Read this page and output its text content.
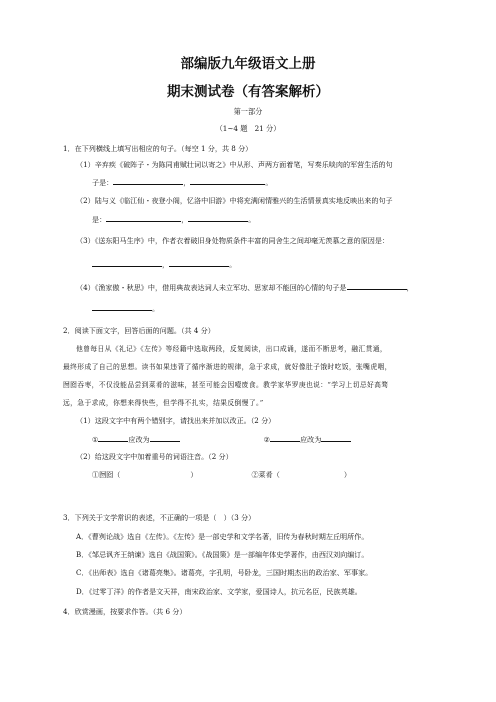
部编版九年级语文上册
期末测试卷（有答案解析）
第一部分
（1~4 题　21 分）
1．在下列横线上填写出相应的句子。（每空 1 分，共 8 分）
（1）辛弃疾《破阵子・为陈同甫赋壮词以寄之》中从形、声两方面着笔，写奏乐啖肉的军营生活的句
子是：	，	。
（2）陆与义《临江仙・夜登小阁，忆洛中旧游》中将充满闲情雅兴的生活情景真实地反映出来的句子
是：	，	。
（3）《送东阳马生序》中，作者衣着破旧身处物质条件丰富的同舍生之间却毫无羡慕之意的原因是：
，	。
（4）《渔家傲・秋思》中，借用典故表达词人未立军功、思家却不能回的心情的句子是	，
。
2．阅读下面文字，回答后面的问题。（共 4 分）
他曾每日从《礼记》《左传》等经籍中选取两段，反复阅读，出口成诵，遂而不断思考，融汇贯通，
最终形成了自己的思想。读书如果违背了循序渐进的规律，急于求成，就好像肚子饿时吃饭，张嘴虎咽，
囫囵吞枣，不仅没能品尝到菜肴的滋味，甚至可能会因噎废食。教学家华罗庚也说：“学习上切忌好高骛
远，急于求成，你想来得快些，但学得不扎实，结果反倒慢了。”
（1）这段文字中有两个错别字，请找出来并加以改正。（2 分）
①	应改为	②	应改为
（2）给这段文字中加着重号的词语注音。（2 分）
①囫囵（	）	②菜肴（	）
3．下列关于文学常识的表述，不正确的一项是（　）（3 分）
A．《曹刿论战》选自《左传》。《左传》是一部史学和文学名著，旧传为春秋时期左丘明所作。
B．《邹忌讽齐王纳谏》选自《战国策》。《战国策》是一部编年体史学著作，由西汉刘向编订。
C．《出师表》选自《诸葛亮集》。诸葛亮，字孔明，号卧龙，三国时期杰出的政治家、军事家。
D．《过零丁洋》的作者是文天祥，南宋政治家、文学家，爱国诗人，抗元名臣，民族英雄。
4．欣赏漫画，按要求作答。（共 6 分）
